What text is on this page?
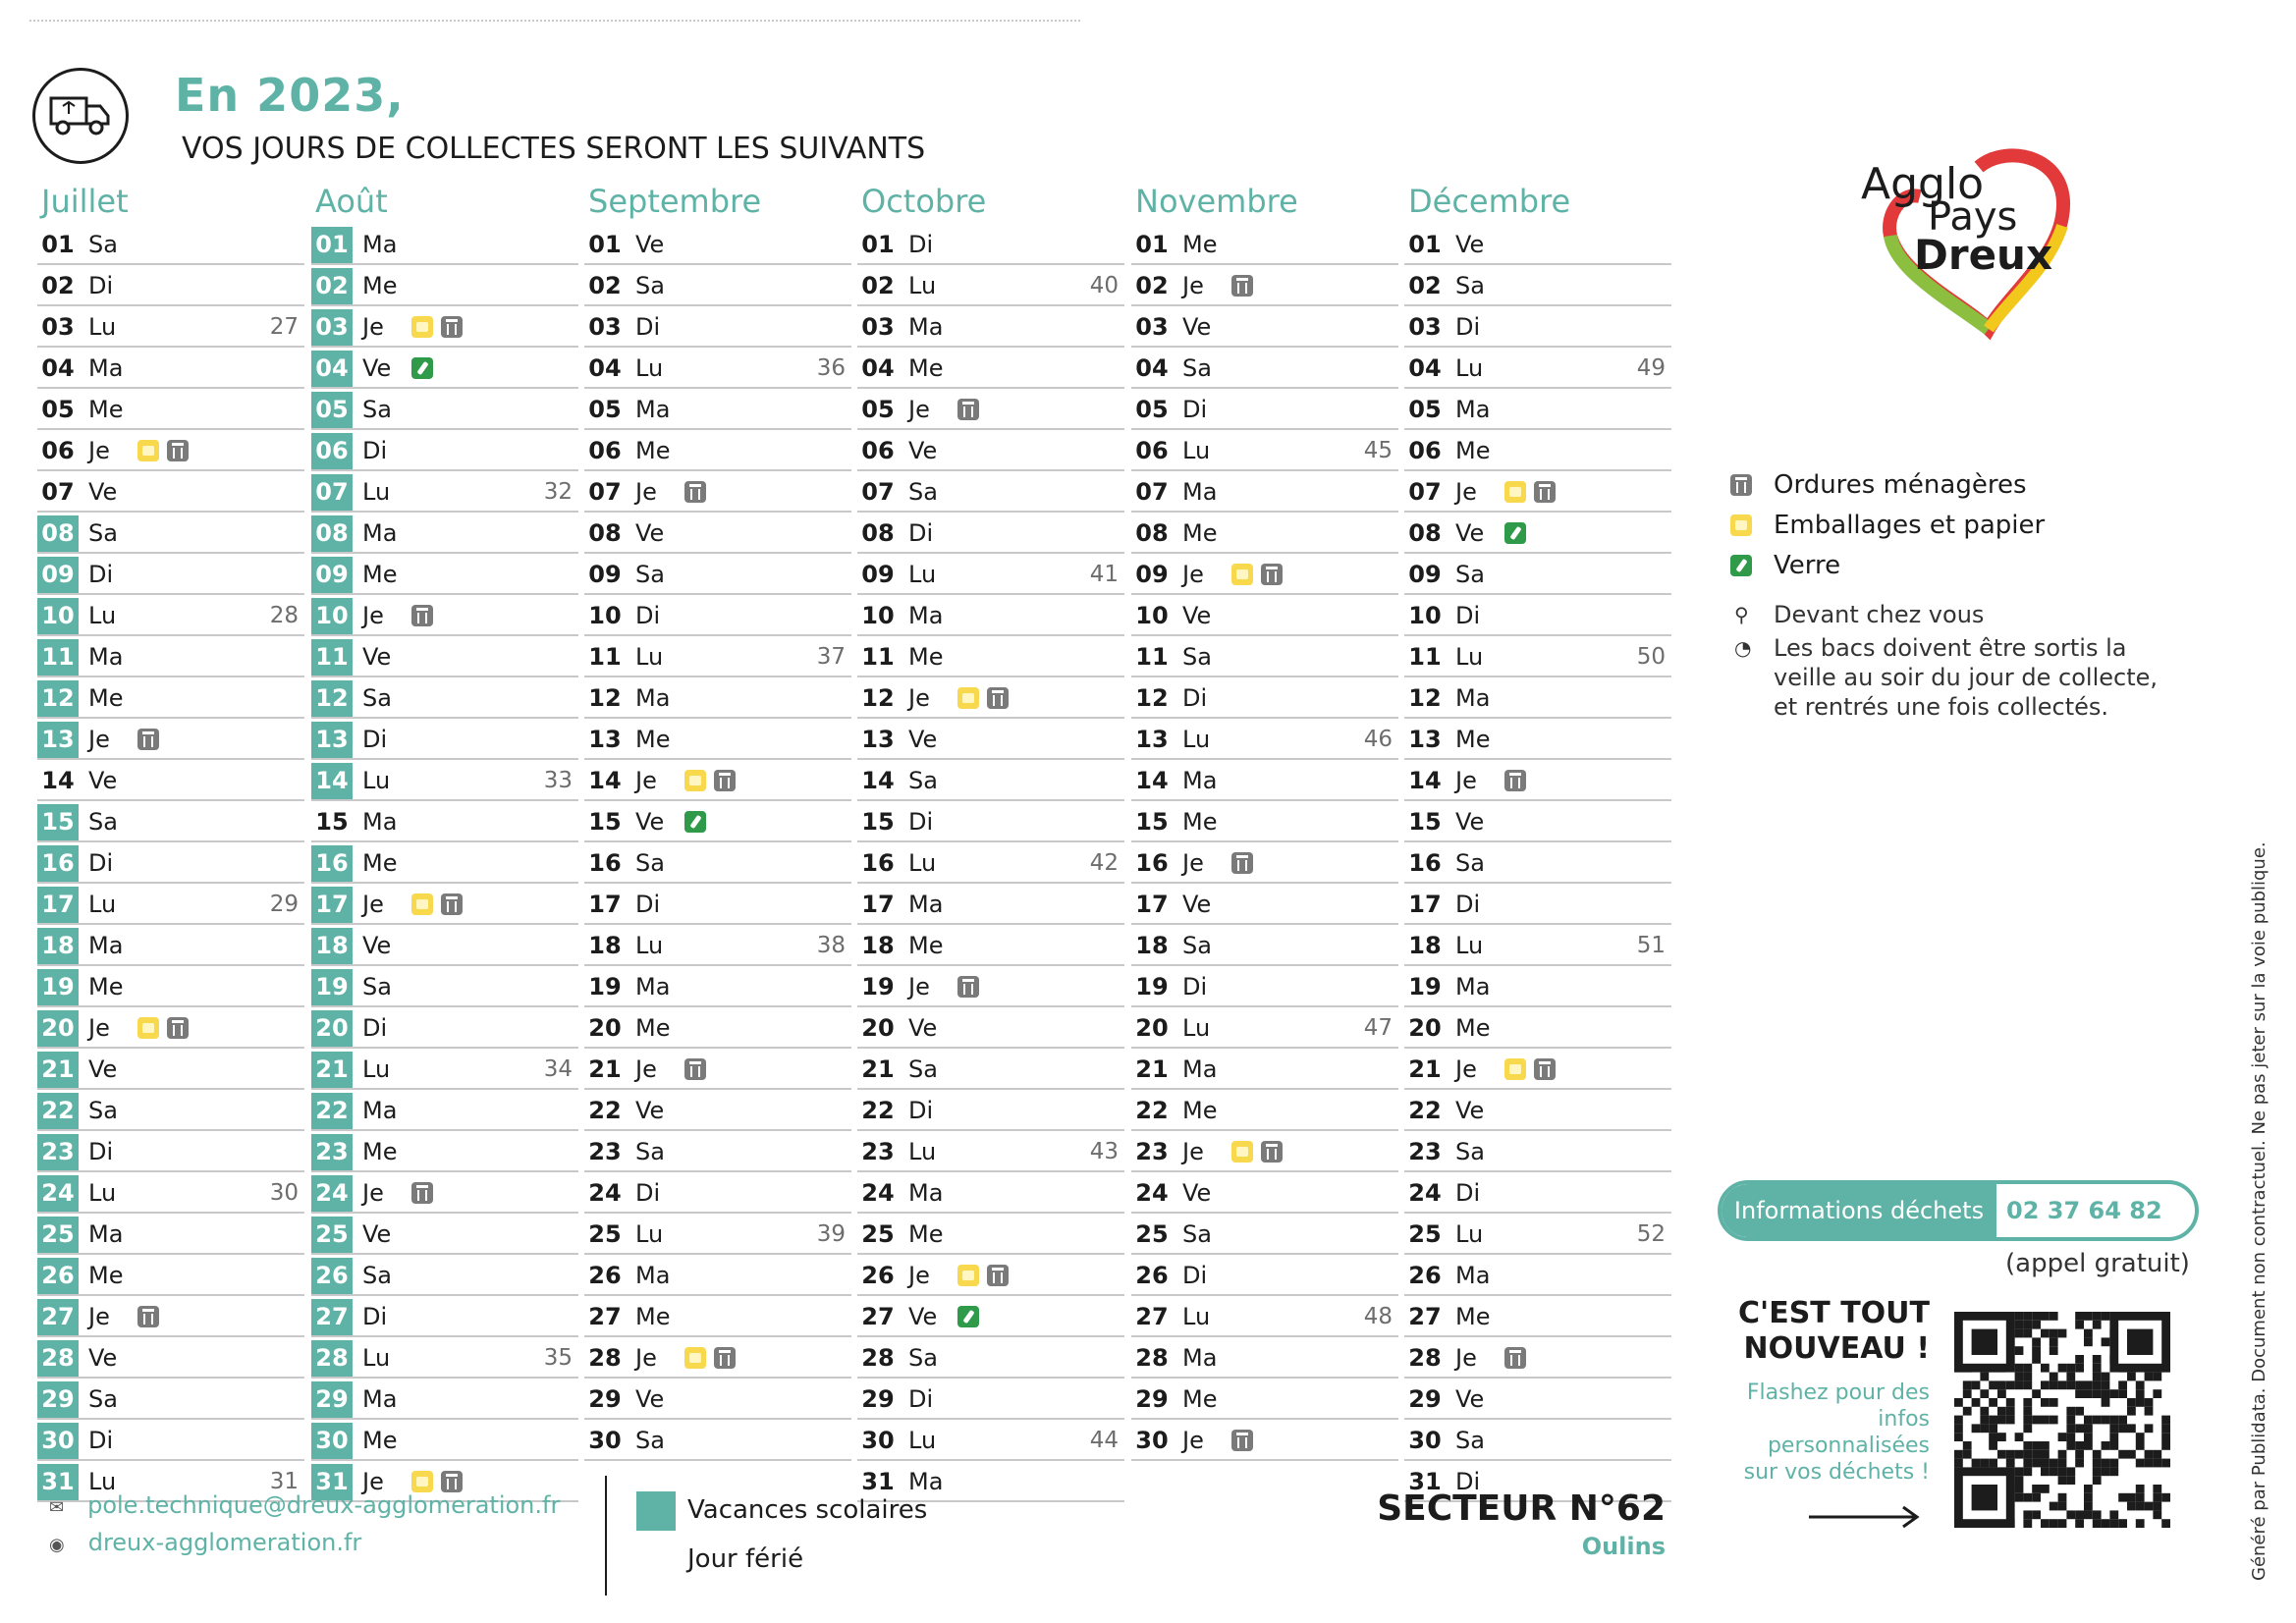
En 2023,
VOS JOURS DE COLLECTES SERONT LES SUIVANTS
Juillet
01 Sa
02 Di
03 Lu	27
04 Ma
05 Me
06 Je
07 Ve
08 Sa
09 Di
10 Lu	28
11 Ma
12 Me
13 Je
14 Ve
15 Sa
16 Di
17 Lu	29
18 Ma
19 Me
20 Je
21 Ve
22 Sa
23 Di
24 Lu	30
25 Ma
26 Me
27 Je
28 Ve
29 Sa
30 Di
31 Lu	31
Août
01 Ma
02 Me
03 Je
04 Ve
05 Sa
06 Di
07 Lu	32
08 Ma
09 Me
10 Je
11 Ve
12 Sa
13 Di
14 Lu	33
15 Ma
16 Me
17 Je
18 Ve
19 Sa
20 Di
21 Lu	34
22 Ma
23 Me
24 Je
25 Ve
26 Sa
27 Di
28 Lu	35
29 Ma
30 Me
31 Je
Septembre
01 Ve
02 Sa
03 Di
04 Lu	36
05 Ma
06 Me
07 Je
08 Ve
09 Sa
10 Di
11 Lu	37
12 Ma
13 Me
14 Je
15 Ve
16 Sa
17 Di
18 Lu	38
19 Ma
20 Me
21 Je
22 Ve
23 Sa
24 Di
25 Lu	39
26 Ma
27 Me
28 Je
29 Ve
30 Sa
Octobre
01 Di
02 Lu	40
03 Ma
04 Me
05 Je
06 Ve
07 Sa
08 Di
09 Lu	41
10 Ma
11 Me
12 Je
13 Ve
14 Sa
15 Di
16 Lu	42
17 Ma
18 Me
19 Je
20 Ve
21 Sa
22 Di
23 Lu	43
24 Ma
25 Me
26 Je
27 Ve
28 Sa
29 Di
30 Lu	44
31 Ma
Novembre
01 Me
02 Je
03 Ve
04 Sa
05 Di
06 Lu	45
07 Ma
08 Me
09 Je
10 Ve
11 Sa
12 Di
13 Lu	46
14 Ma
15 Me
16 Je
17 Ve
18 Sa
19 Di
20 Lu	47
21 Ma
22 Me
23 Je
24 Ve
25 Sa
26 Di
27 Lu	48
28 Ma
29 Me
30 Je
Décembre
01 Ve
02 Sa
03 Di
04 Lu	49
05 Ma
06 Me
07 Je
08 Ve
09 Sa
10 Di
11 Lu	50
12 Ma
13 Me
14 Je
15 Ve
16 Sa
17 Di
18 Lu	51
19 Ma
20 Me
21 Je
22 Ve
23 Sa
24 Di
25 Lu	52
26 Ma
27 Me
28 Je
29 Ve
30 Sa
31 Di
Agglo
Pays
Dreux
Ordures ménagères
Emballages et papier
Verre
⚲ Devant chez vous
◔ Les bacs doivent être sortis la
veille au soir du jour de collecte,
et rentrés une fois collectés.
Informations déchets 02 37 64 82
(appel gratuit)
C'EST TOUT
NOUVEAU !
Flashez pour des
infos
personnalisées
sur vos déchets !	Généré par Publidata. Document non contractuel. Ne pas jeter sur la voie publique.
✉ pole.technique@dreux-agglomeration.fr
◉ dreux-agglomeration.fr
Vacances scolaires
Jour férié
SECTEUR N°62
Oulins
